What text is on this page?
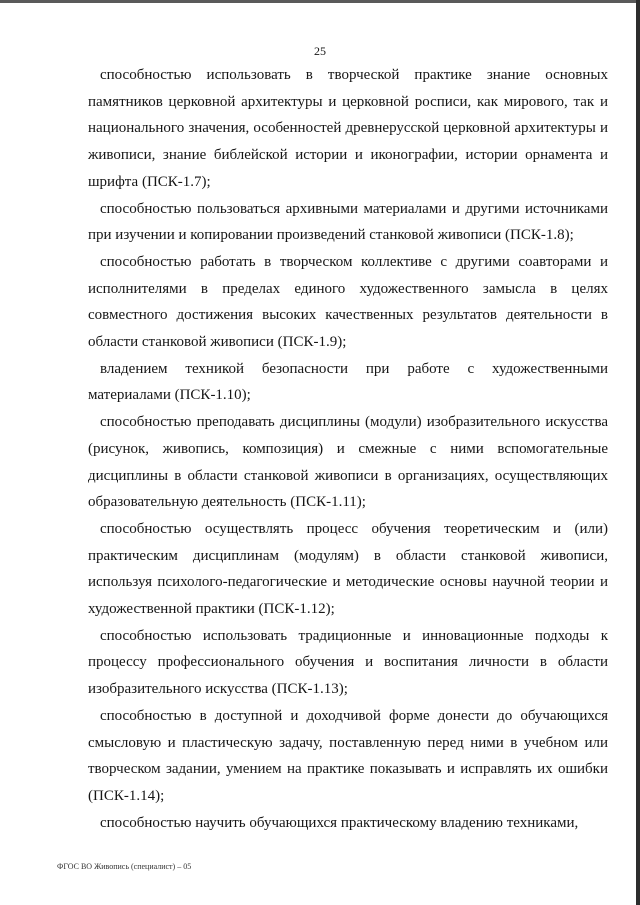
25

способностью использовать в творческой практике знание основных памятников церковной архитектуры и церковной росписи, как мирового, так и национального значения, особенностей древнерусской церковной архитектуры и живописи, знание библейской истории и иконографии, истории орнамента и шрифта (ПСК-1.7);

способностью пользоваться архивными материалами и другими источниками при изучении и копировании произведений станковой живописи (ПСК-1.8);

способностью работать в творческом коллективе с другими соавторами и исполнителями в пределах единого художественного замысла в целях совместного достижения высоких качественных результатов деятельности в области станковой живописи (ПСК-1.9);

владением техникой безопасности при работе с художественными материалами (ПСК-1.10);

способностью преподавать дисциплины (модули) изобразительного искусства (рисунок, живопись, композиция) и смежные с ними вспомогательные дисциплины в области станковой живописи в организациях, осуществляющих образовательную деятельность (ПСК-1.11);

способностью осуществлять процесс обучения теоретическим и (или) практическим дисциплинам (модулям) в области станковой живописи, используя психолого-педагогические и методические основы научной теории и художественной практики (ПСК-1.12);

способностью использовать традиционные и инновационные подходы к процессу профессионального обучения и воспитания личности в области изобразительного искусства (ПСК-1.13);

способностью в доступной и доходчивой форме донести до обучающихся смысловую и пластическую задачу, поставленную перед ними в учебном или творческом задании, умением на практике показывать и исправлять их ошибки (ПСК-1.14);

способностью научить обучающихся практическому владению техниками,

ФГОС ВО Живопись (специалист) – 05
